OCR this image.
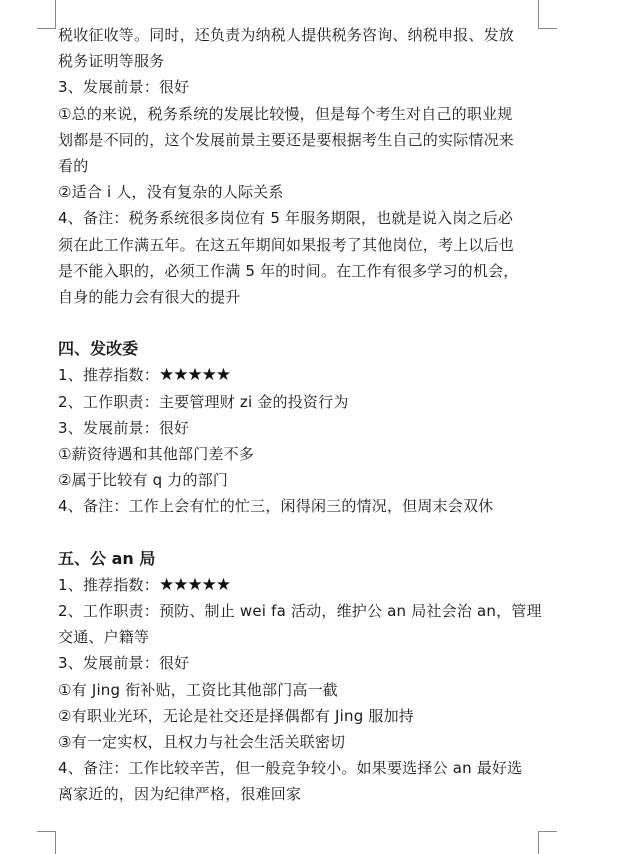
税收征收等。同时，还负责为纳税人提供税务咨询、纳税申报、发放
税务证明等服务
3、发展前景：很好
①总的来说，税务系统的发展比较慢，但是每个考生对自己的职业规
划都是不同的，这个发展前景主要还是要根据考生自己的实际情况来
看的
②适合 i 人，没有复杂的人际关系
4、备注：税务系统很多岗位有 5 年服务期限，也就是说入岗之后必
须在此工作满五年。在这五年期间如果报考了其他岗位，考上以后也
是不能入职的，必须工作满 5 年的时间。在工作有很多学习的机会，
自身的能力会有很大的提升
四、发改委
1、推荐指数：★★★★★
2、工作职责：主要管理财 zi 金的投资行为
3、发展前景：很好
①薪资待遇和其他部门差不多
②属于比较有 q 力的部门
4、备注：工作上会有忙的忙三，闲得闲三的情况，但周末会双休
五、公 an 局
1、推荐指数：★★★★★
2、工作职责：预防、制止 wei fa 活动，维护公 an 局社会治 an，管理
交通、户籍等
3、发展前景：很好
①有 Jing 衔补贴，工资比其他部门高一截
②有职业光环，无论是社交还是择偶都有 Jing 服加持
③有一定实权，且权力与社会生活关联密切
4、备注：工作比较辛苦，但一般竞争较小。如果要选择公 an 最好选
离家近的，因为纪律严格，很难回家
